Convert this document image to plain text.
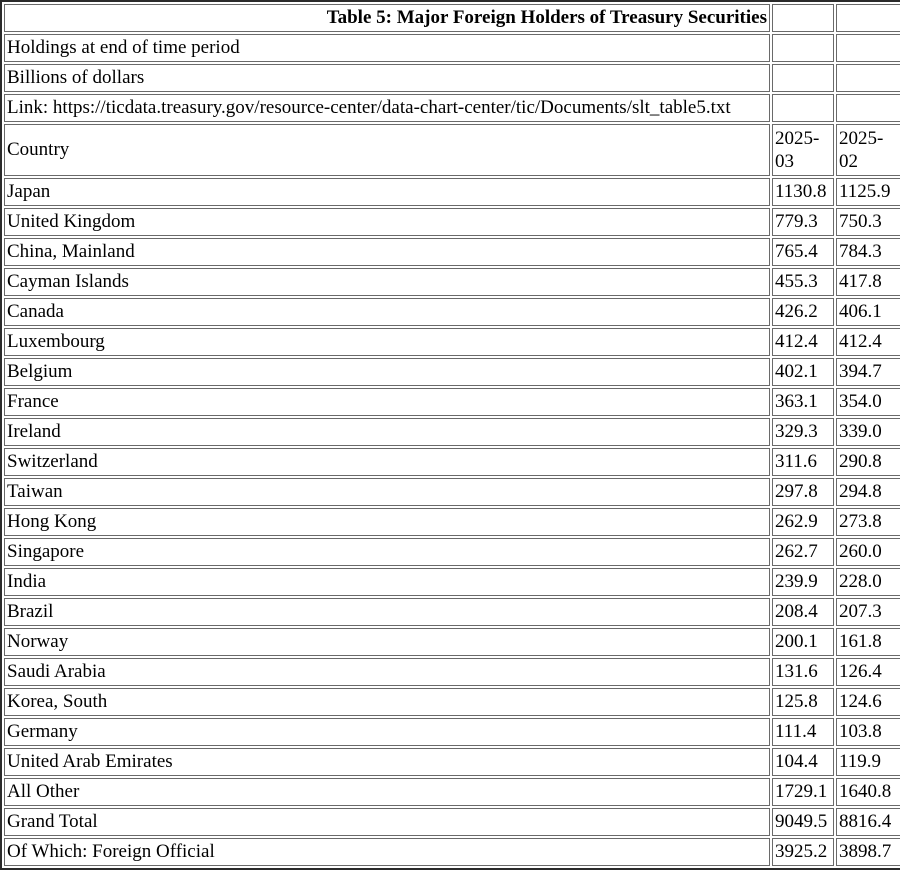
Table 5: Major Foreign Holders of Treasury Securities		
Holdings at end of time period		
Billions of dollars		
Link: https://ticdata.treasury.gov/resource-center/data-chart-center/tic/Documents/slt_table5.txt		
Country	2025-03	2025-02
Japan	1130.8	1125.9
United Kingdom	779.3	750.3
China, Mainland	765.4	784.3
Cayman Islands	455.3	417.8
Canada	426.2	406.1
Luxembourg	412.4	412.4
Belgium	402.1	394.7
France	363.1	354.0
Ireland	329.3	339.0
Switzerland	311.6	290.8
Taiwan	297.8	294.8
Hong Kong	262.9	273.8
Singapore	262.7	260.0
India	239.9	228.0
Brazil	208.4	207.3
Norway	200.1	161.8
Saudi Arabia	131.6	126.4
Korea, South	125.8	124.6
Germany	111.4	103.8
United Arab Emirates	104.4	119.9
All Other	1729.1	1640.8
Grand Total	9049.5	8816.4
Of Which: Foreign Official	3925.2	3898.7
